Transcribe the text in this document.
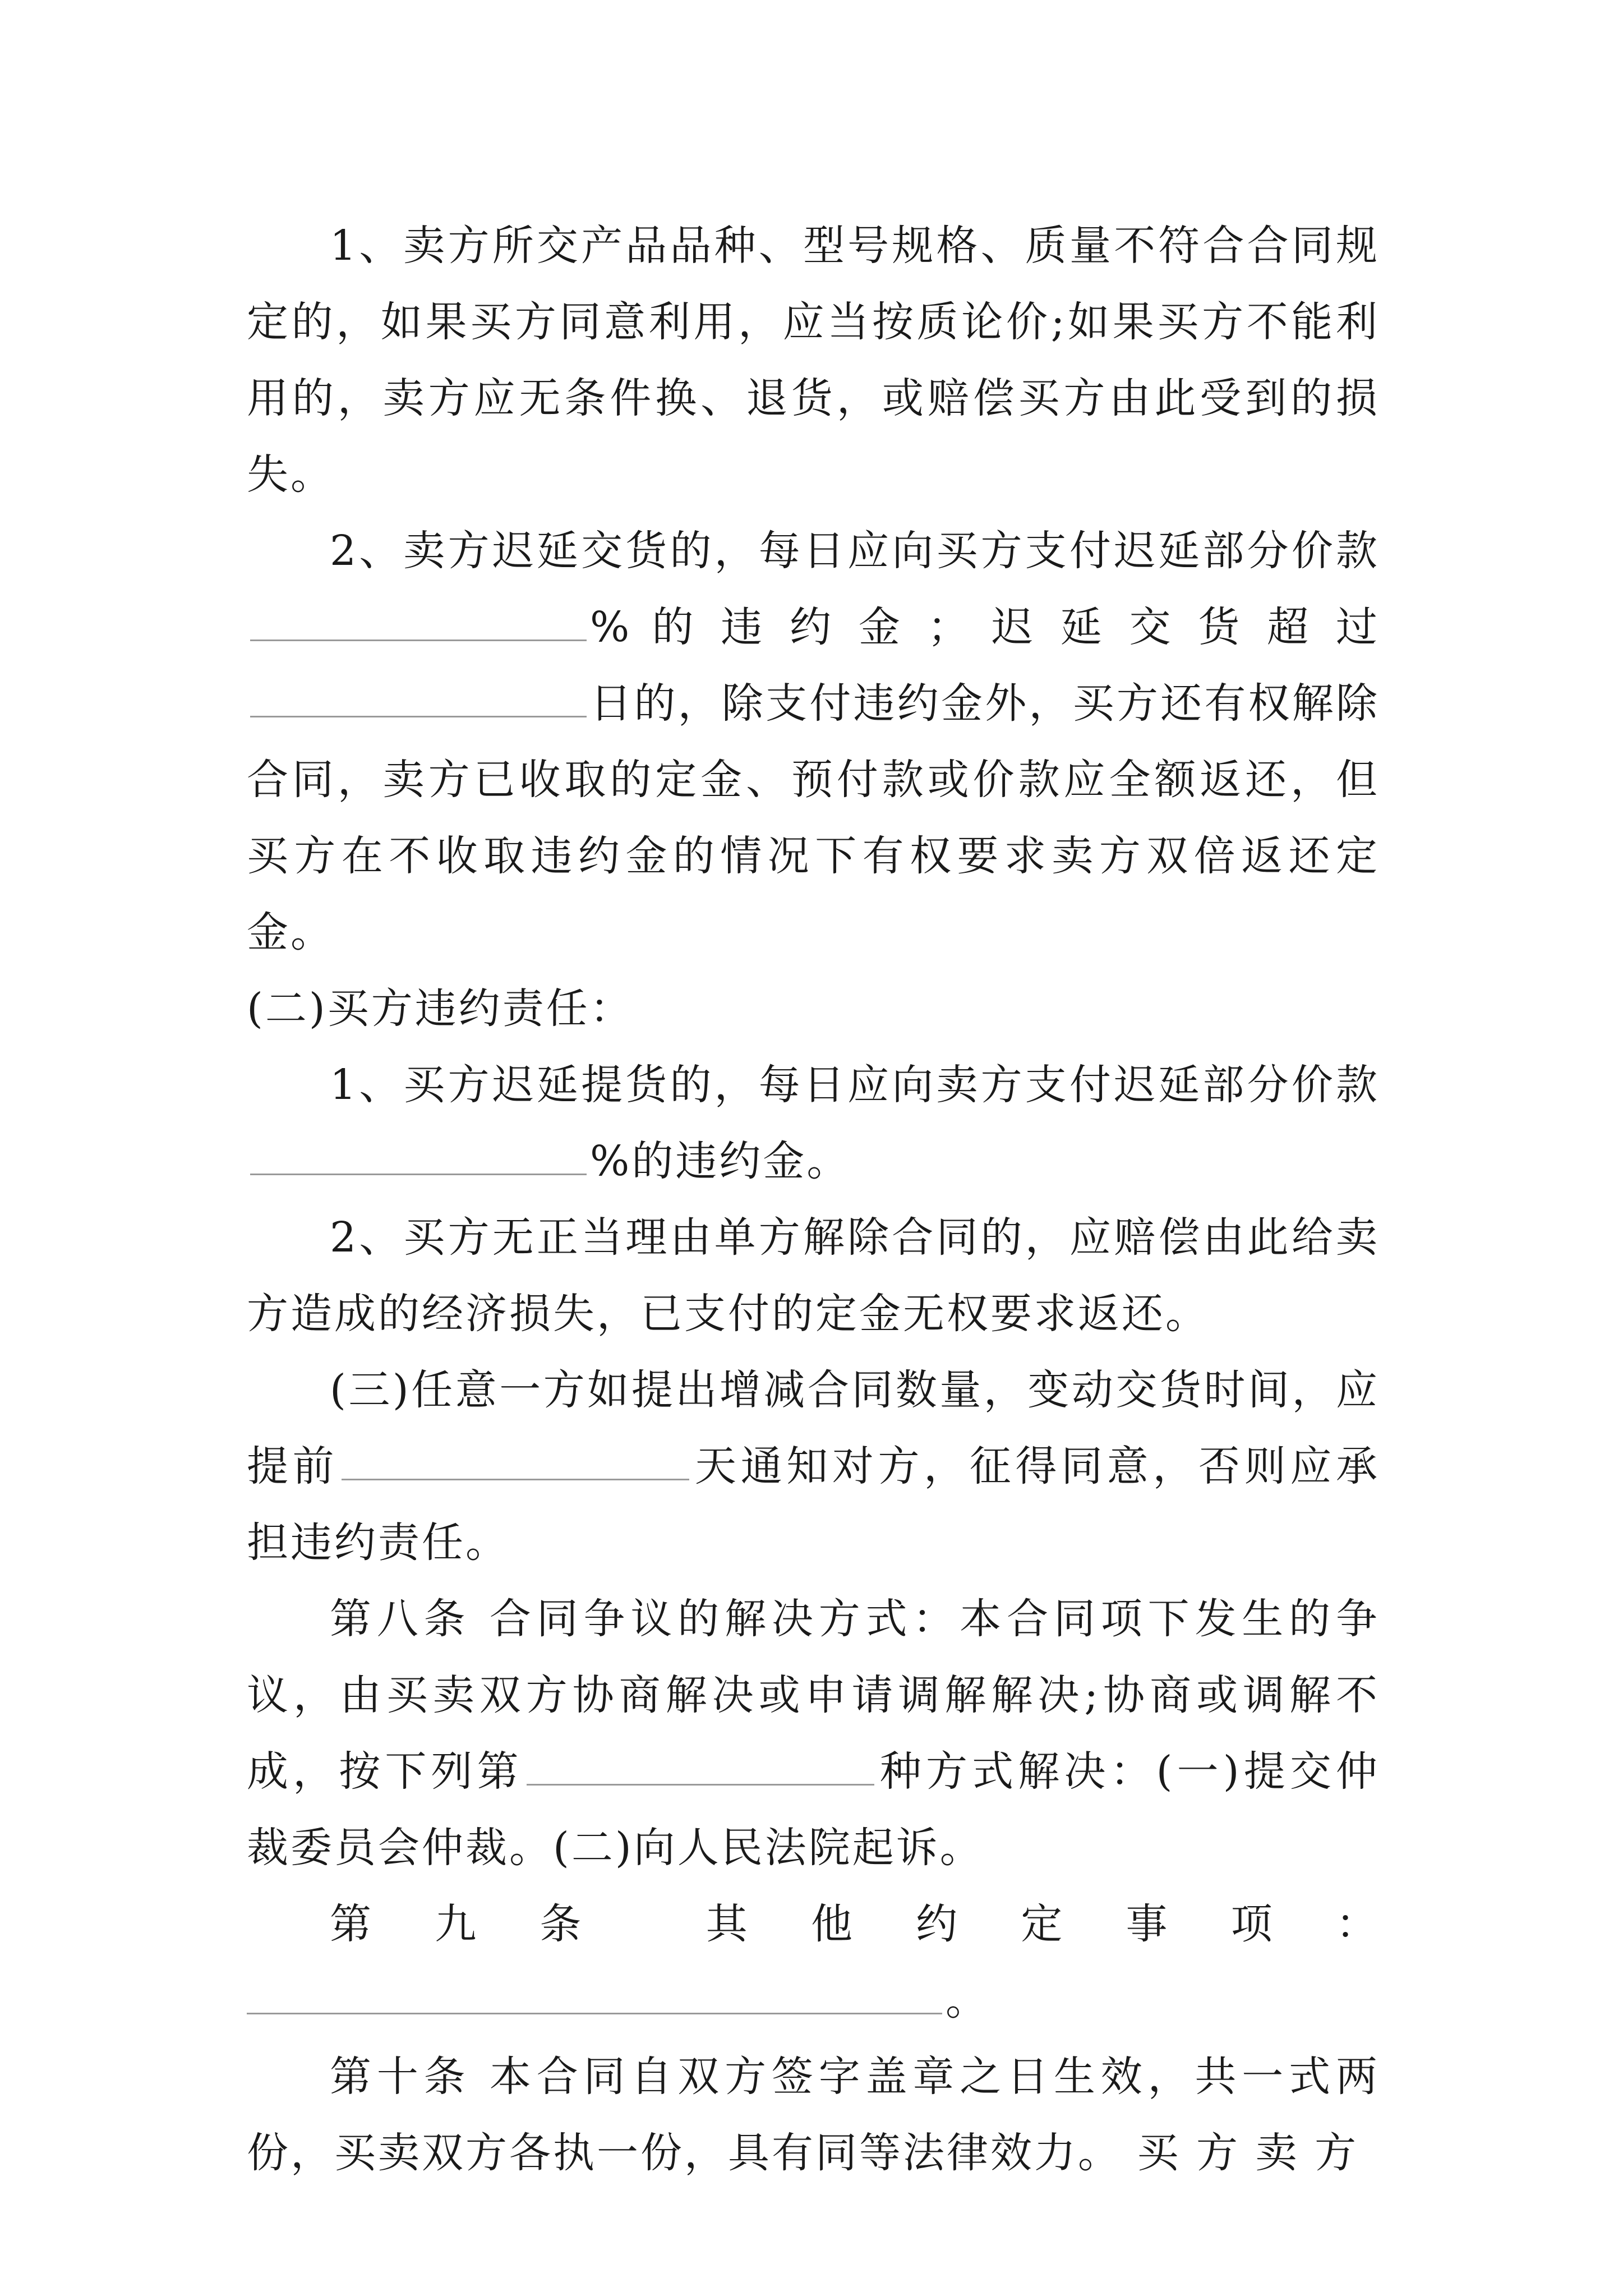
1、卖方所交产品品种、型号规格、质量不符合合同规定的，如果买方同意利用，应当按质论价;如果买方不能利用的，卖方应无条件换、退货，或赔偿买方由此受到的损失。

2、卖方迟延交货的，每日应向买方支付迟延部分价款% 的 违 约 金 ； 迟 延 交 货 超 过日的，除支付违约金外，买方还有权解除合同，卖方已收取的定金、预付款或价款应全额返还，但买方在不收取违约金的情况下有权要求卖方双倍返还定金。

(二)买方违约责任：

1、买方迟延提货的，每日应向卖方支付迟延部分价款%的违约金。

2、买方无正当理由单方解除合同的，应赔偿由此给卖方造成的经济损失，已支付的定金无权要求返还。

(三)任意一方如提出增减合同数量，变动交货时间，应提前	天通知对方，征得同意，否则应承担违约责任。

第八条 合同争议的解决方式：本合同项下发生的争议，由买卖双方协商解决或申请调解解决;协商或调解不成，按下列第	种方式解决：(一)提交仲裁委员会仲裁。(二)向人民法院起诉。

第 九 条	其 他 约 定 事 项 ：

。

第十条 本合同自双方签字盖章之日生效，共一式两份，买卖双方各执一份，具有同等法律效力。 买 方 卖 方
